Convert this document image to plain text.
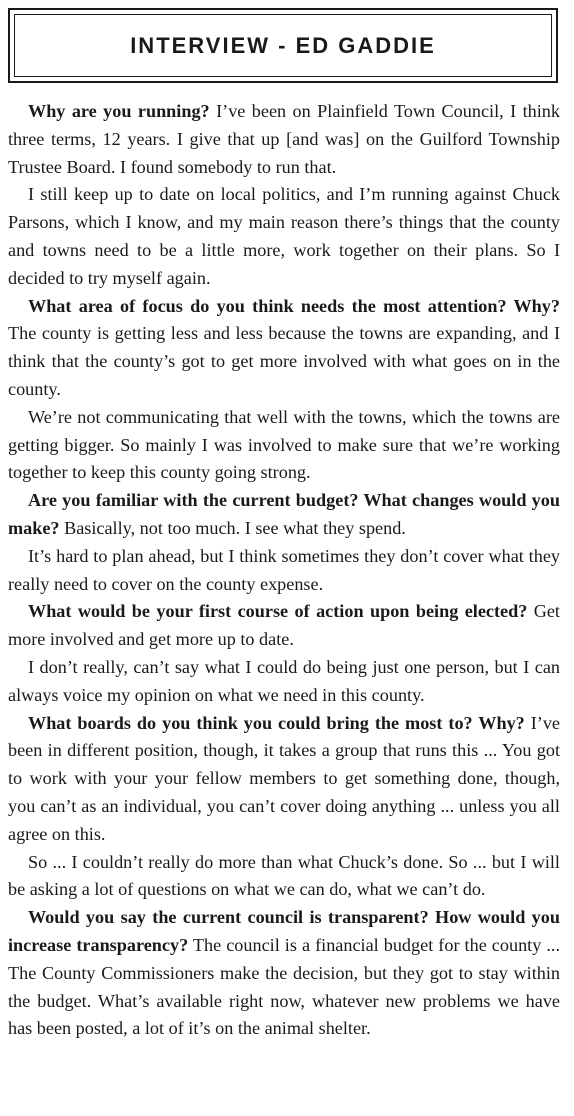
INTERVIEW - ED GADDIE

Why are you running? I’ve been on Plainfield Town Council, I think three terms, 12 years. I give that up [and was] on the Guilford Township Trustee Board. I found somebody to run that.

I still keep up to date on local politics, and I’m running against Chuck Parsons, which I know, and my main reason there’s things that the county and towns need to be a little more, work together on their plans. So I decided to try myself again.

What area of focus do you think needs the most attention? Why? The county is getting less and less because the towns are expanding, and I think that the county’s got to get more involved with what goes on in the county.

We’re not communicating that well with the towns, which the towns are getting bigger. So mainly I was involved to make sure that we’re working together to keep this county going strong.

Are you familiar with the current budget? What changes would you make? Basically, not too much. I see what they spend.

It’s hard to plan ahead, but I think sometimes they don’t cover what they really need to cover on the county expense.

What would be your first course of action upon being elected? Get more involved and get more up to date.

I don’t really, can’t say what I could do being just one person, but I can always voice my opinion on what we need in this county.

What boards do you think you could bring the most to? Why? I’ve been in different position, though, it takes a group that runs this ... You got to work with your your fellow members to get something done, though, you can’t as an individual, you can’t cover doing anything ... unless you all agree on this.

So ... I couldn’t really do more than what Chuck’s done. So ... but I will be asking a lot of questions on what we can do, what we can’t do.

Would you say the current council is transparent? How would you increase transparency? The council is a financial budget for the county ... The County Commissioners make the decision, but they got to stay within the budget. What’s available right now, whatever new problems we have has been posted, a lot of it’s on the animal shelter.
